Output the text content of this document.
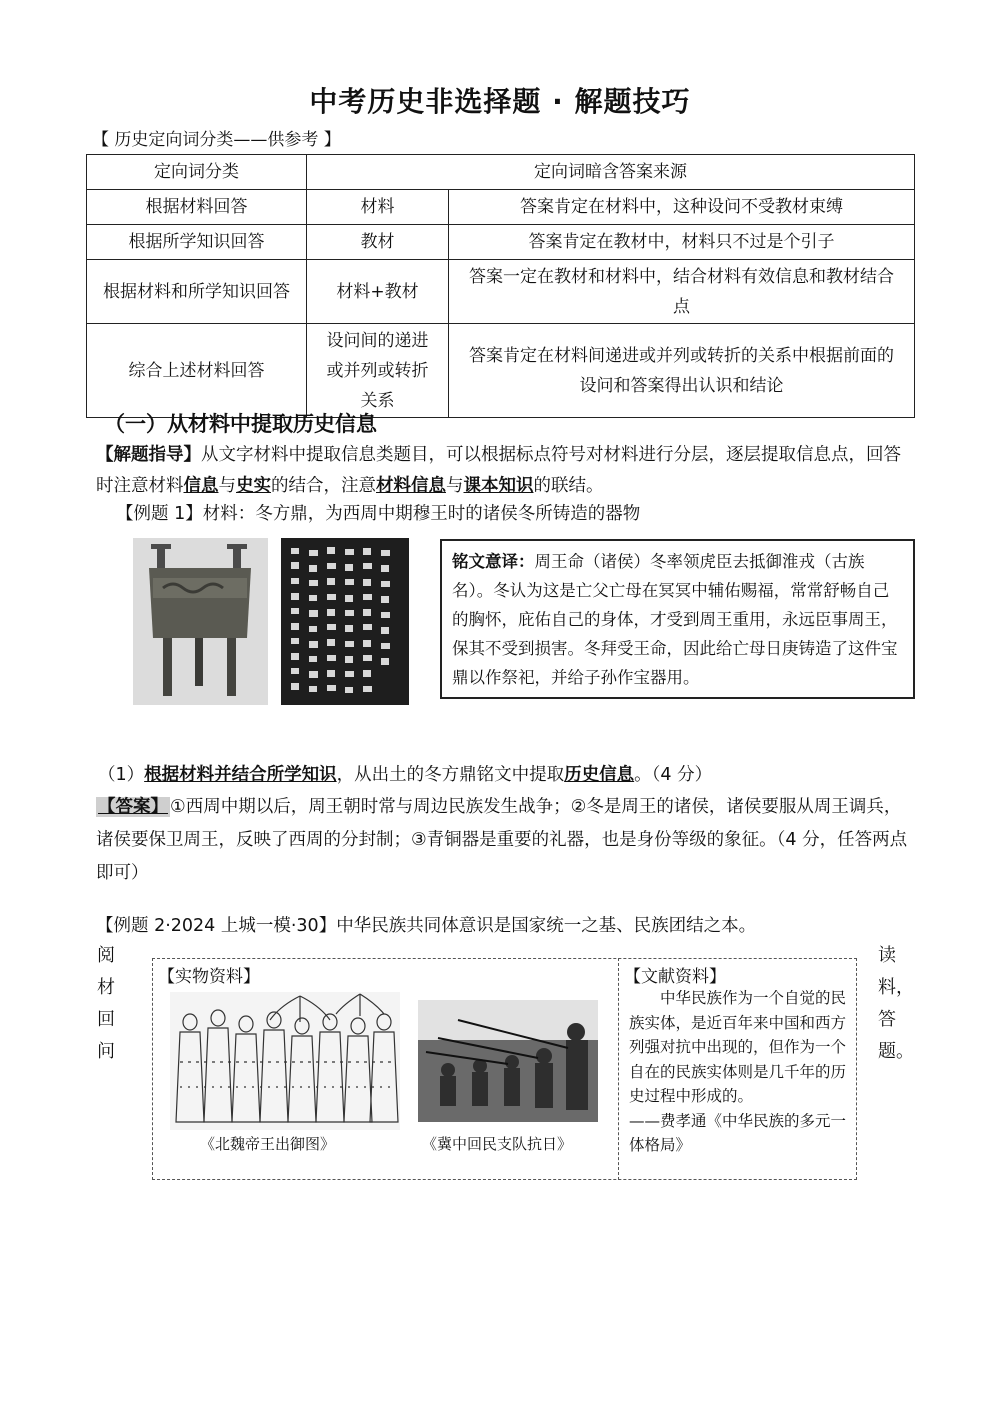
中考历史非选择题 · 解题技巧
【 历史定向词分类——供参考 】
定向词分类	定向词暗含答案来源	
根据材料回答	材料	答案肯定在材料中，这种设问不受教材束缚
根据所学知识回答	教材	答案肯定在教材中，材料只不过是个引子
根据材料和所学知识回答	材料+教材	答案一定在教材和材料中，结合材料有效信息和教材结合点
综合上述材料回答	设问间的递进或并列或转折关系	答案肯定在材料间递进或并列或转折的关系中根据前面的设问和答案得出认识和结论
（一）从材料中提取历史信息
【解题指导】从文字材料中提取信息类题目，可以根据标点符号对材料进行分层，逐层提取信息点，回答时注意材料信息与史实的结合，注意材料信息与课本知识的联结。
【例题 1】材料：冬方鼎，为西周中期穆王时的诸侯冬所铸造的器物
铭文意译：周王命（诸侯）冬率领虎臣去抵御淮戎（古族名）。冬认为这是亡父亡母在冥冥中辅佑赐福，常常舒畅自己的胸怀，庇佑自己的身体，才受到周王重用，永远臣事周王，保其不受到损害。冬拜受王命，因此给亡母日庚铸造了这件宝鼎以作祭祀，并给子孙作宝器用。
（1）根据材料并结合所学知识，从出土的冬方鼎铭文中提取历史信息。（4 分）
【答案】 ①西周中期以后，周王朝时常与周边民族发生战争；②冬是周王的诸侯，诸侯要服从周王调兵，诸侯要保卫周王，反映了西周的分封制；③青铜器是重要的礼器，也是身份等级的象征。（4 分，任答两点即可）
【例题 2·2024 上城一模·30】中华民族共同体意识是国家统一之基、民族团结之本。
阅
材
回
问
读
料，
答
题。
【实物资料】
《北魏帝王出御图》	《冀中回民支队抗日》
【文献资料】
中华民族作为一个自觉的民族实体，是近百年来中国和西方列强对抗中出现的，但作为一个自在的民族实体则是几千年的历史过程中形成的。
——费孝通《中华民族的多元一体格局》
